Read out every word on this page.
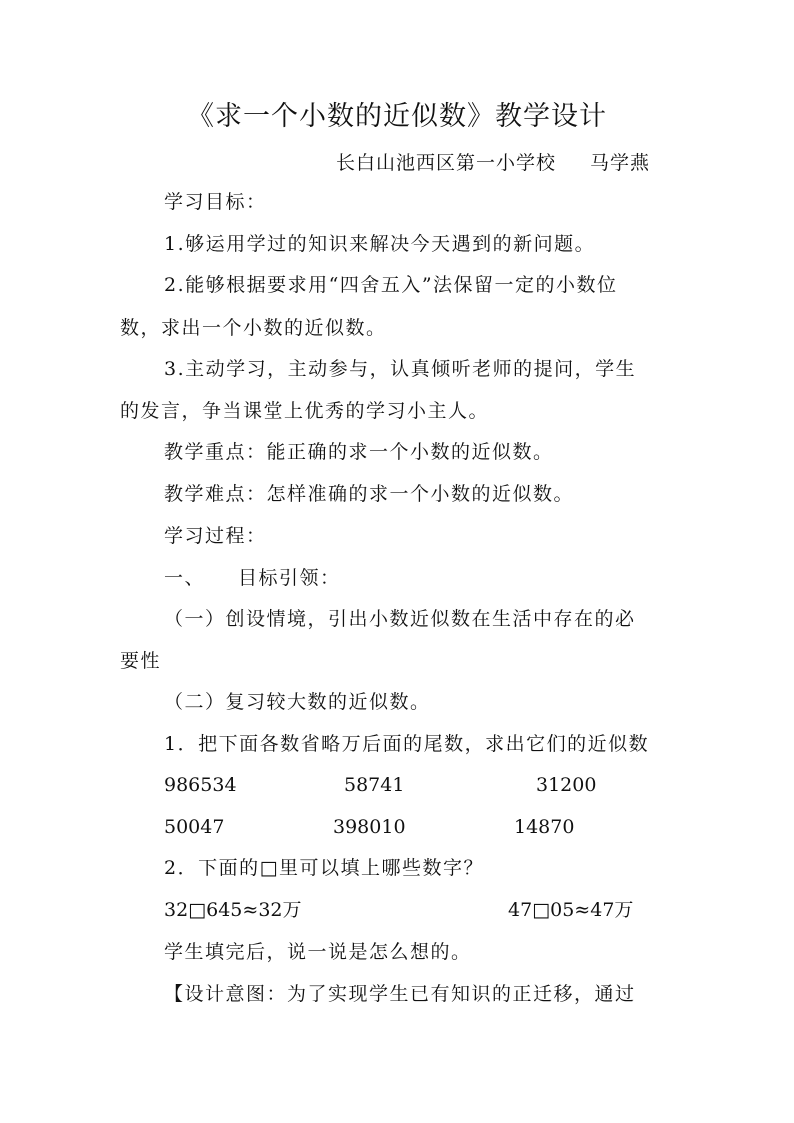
《求一个小数的近似数》教学设计
长白山池西区第一小学校 马学燕
学习目标：
1.够运用学过的知识来解决今天遇到的新问题。
2.能够根据要求用“四舍五入”法保留一定的小数位
数，求出一个小数的近似数。
3.主动学习，主动参与，认真倾听老师的提问，学生
的发言，争当课堂上优秀的学习小主人。
教学重点：能正确的求一个小数的近似数。
教学难点：怎样准确的求一个小数的近似数。
学习过程：
一、 目标引领：
（一）创设情境，引出小数近似数在生活中存在的必
要性
（二）复习较大数的近似数。
1．把下面各数省略万后面的尾数，求出它们的近似数
986534	58741	31200
50047	398010	14870
2．下面的□里可以填上哪些数字？
32□645≈32万	47□05≈47万
学生填完后，说一说是怎么想的。
【设计意图：为了实现学生已有知识的正迁移，通过
